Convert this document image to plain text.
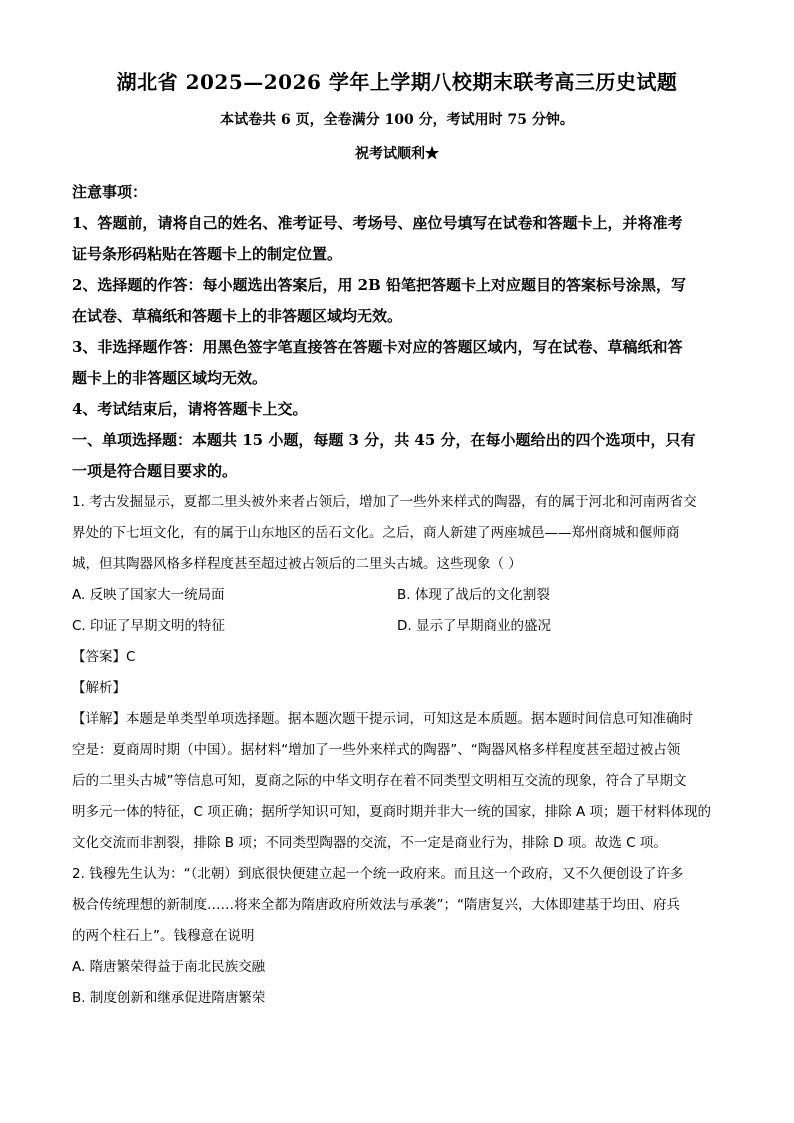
湖北省 2025—2026 学年上学期八校期末联考高三历史试题
本试卷共 6 页，全卷满分 100 分，考试用时 75 分钟。
祝考试顺利★

注意事项：

1、答题前，请将自己的姓名、准考证号、考场号、座位号填写在试卷和答题卡上，并将准考

证号条形码粘贴在答题卡上的制定位置。

2、选择题的作答：每小题选出答案后，用 2B 铅笔把答题卡上对应题目的答案标号涂黑，写

在试卷、草稿纸和答题卡上的非答题区域均无效。

3、非选择题作答：用黑色签字笔直接答在答题卡对应的答题区域内，写在试卷、草稿纸和答

题卡上的非答题区域均无效。

4、考试结束后，请将答题卡上交。

一、单项选择题：本题共 15 小题，每题 3 分，共 45 分，在每小题给出的四个选项中，只有

一项是符合题目要求的。

1. 考古发掘显示，夏都二里头被外来者占领后，增加了一些外来样式的陶器，有的属于河北和河南两省交

界处的下七垣文化，有的属于山东地区的岳石文化。之后，商人新建了两座城邑——郑州商城和偃师商

城，但其陶器风格多样程度甚至超过被占领后的二里头古城。这些现象（ ）

A. 反映了国家大一统局面	B. 体现了战后的文化割裂
C. 印证了早期文明的特征	D. 显示了早期商业的盛况
【答案】C
【解析】

【详解】本题是单类型单项选择题。据本题次题干提示词，可知这是本质题。据本题时间信息可知准确时

空是：夏商周时期（中国）。据材料“增加了一些外来样式的陶器”、“陶器风格多样程度甚至超过被占领

后的二里头古城”等信息可知，夏商之际的中华文明存在着不同类型文明相互交流的现象，符合了早期文

明多元一体的特征，C 项正确；据所学知识可知，夏商时期并非大一统的国家，排除 A 项；题干材料体现的

文化交流而非割裂，排除 B 项；不同类型陶器的交流，不一定是商业行为，排除 D 项。故选 C 项。

2. 钱穆先生认为：“（北朝）到底很快便建立起一个统一政府来。而且这一个政府，又不久便创设了许多

极合传统理想的新制度……将来全都为隋唐政府所效法与承袭”；“隋唐复兴，大体即建基于均田、府兵

的两个柱石上”。钱穆意在说明

A. 隋唐繁荣得益于南北民族交融
B. 制度创新和继承促进隋唐繁荣
